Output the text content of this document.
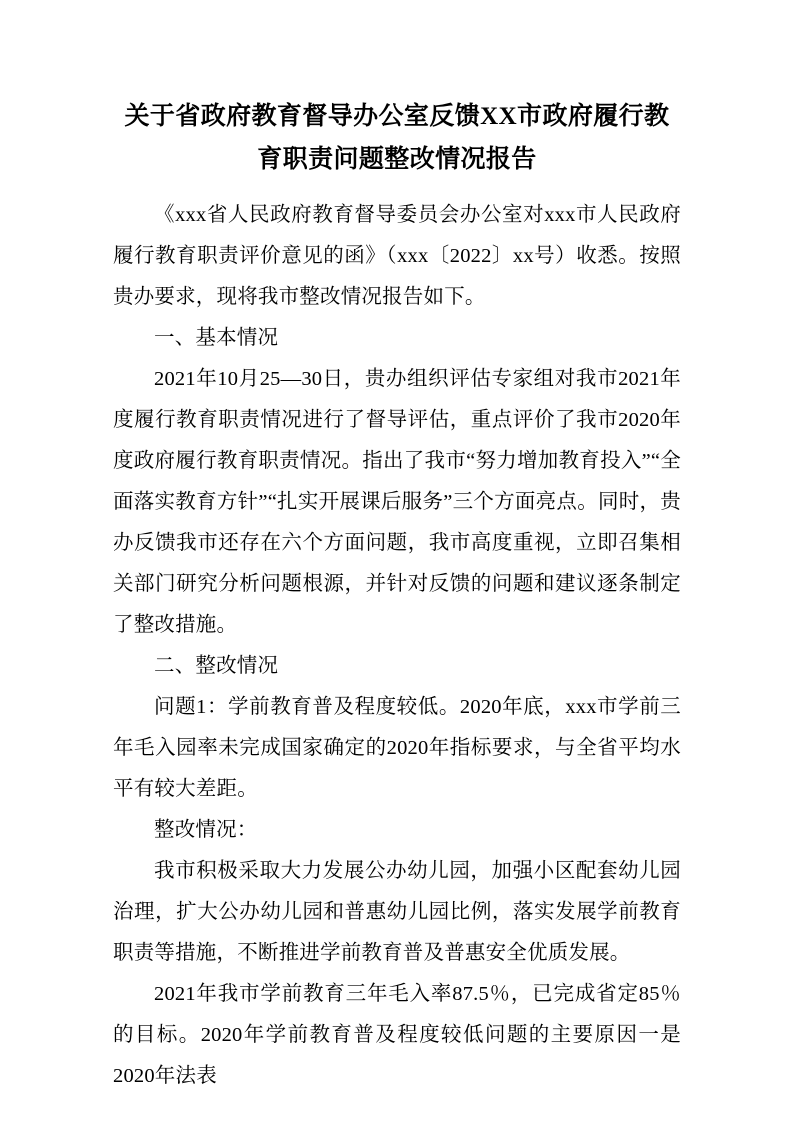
关于省政府教育督导办公室反馈XX市政府履行教育职责问题整改情况报告

《xxx省人民政府教育督导委员会办公室对xxx市人民政府履行教育职责评价意见的函》（xxx〔2022〕xx号）收悉。按照贵办要求，现将我市整改情况报告如下。

一、基本情况

2021年10月25—30日，贵办组织评估专家组对我市2021年度履行教育职责情况进行了督导评估，重点评价了我市2020年度政府履行教育职责情况。指出了我市“努力增加教育投入”“全面落实教育方针”“扎实开展课后服务”三个方面亮点。同时，贵办反馈我市还存在六个方面问题，我市高度重视，立即召集相关部门研究分析问题根源，并针对反馈的问题和建议逐条制定了整改措施。

二、整改情况

问题1：学前教育普及程度较低。2020年底，xxx市学前三年毛入园率未完成国家确定的2020年指标要求，与全省平均水平有较大差距。

整改情况：

我市积极采取大力发展公办幼儿园，加强小区配套幼儿园治理，扩大公办幼儿园和普惠幼儿园比例，落实发展学前教育职责等措施，不断推进学前教育普及普惠安全优质发展。

2021年我市学前教育三年毛入率87.5％，已完成省定85％的目标。2020年学前教育普及程度较低问题的主要原因一是2020年法表
